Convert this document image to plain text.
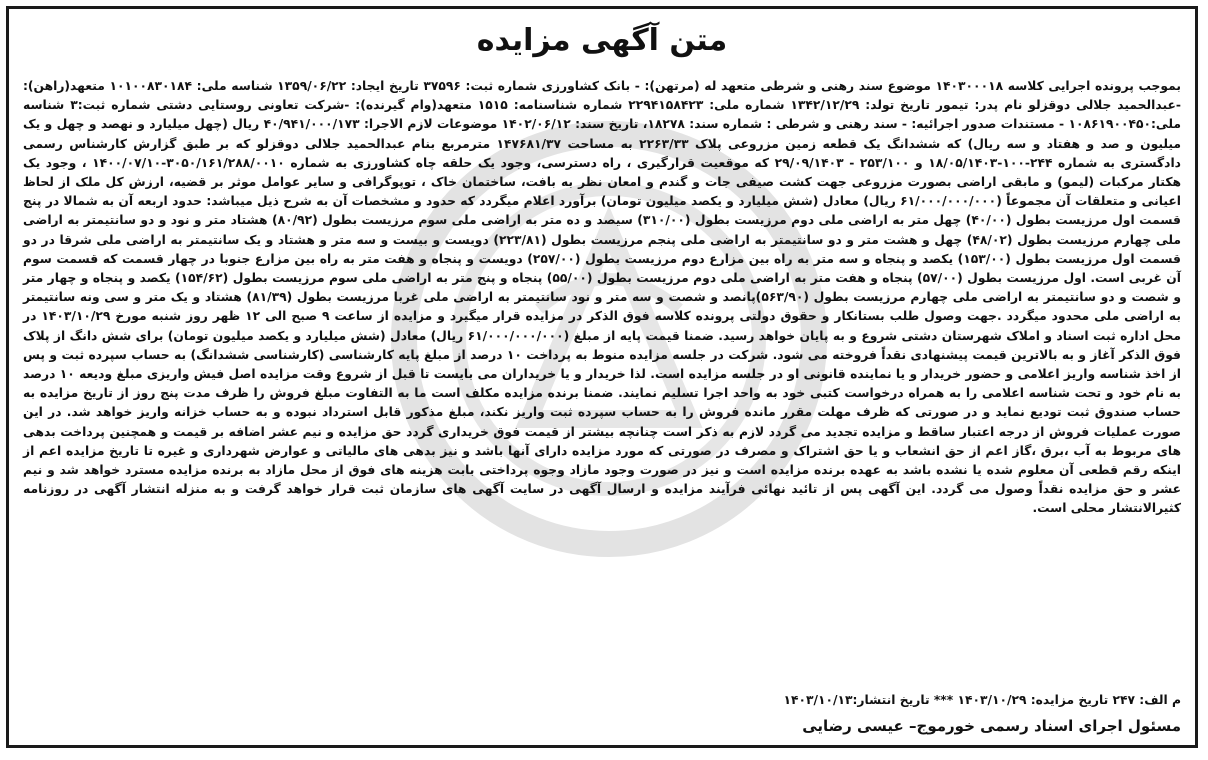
متن آگهی مزایده

بموجب پرونده اجرایی کلاسه ۱۴۰۳۰۰۰۱۸ موضوع سند رهنی و شرطی متعهد له (مرتهن): - بانک کشاورزی شماره ثبت: ۳۷۵۹۶ تاریخ ایجاد: ۱۳۵۹/۰۶/۲۲ شناسه ملی: ۱۰۱۰۰۸۳۰۱۸۴ متعهد(راهن): -عبدالحمید جلالی دوقزلو نام پدر: تیمور تاریخ تولد: ۱۳۴۲/۱۲/۲۹ شماره ملی: ۲۲۹۴۱۵۸۴۲۳ شماره شناسنامه: ۱۵۱۵ متعهد(وام گیرنده): -شرکت تعاونی روستایی دشتی شماره ثبت:۳ شناسه ملی:۱۰۸۶۱۹۰۰۴۵۰ - مستندات صدور اجرائیه: - سند رهنی و شرطی : شماره سند: ۱۸۲۷۸، تاریخ سند: ۱۴۰۲/۰۶/۱۲ موضوعات لازم الاجرا: ۴۰/۹۴۱/۰۰۰/۱۷۳ ریال (چهل میلیارد و نهصد و چهل و یک میلیون و صد و هفتاد و سه ریال) که ششدانگ یک قطعه زمین مزروعی پلاک ۲۲۶۳/۳۳ به مساحت ۱۴۷۶۸۱/۳۷ مترمربع بنام عبدالحمید جلالی دوقزلو که بر طبق گزارش کارشناس رسمی دادگستری به شماره ۲۴۴-۱۰۰-۱۸/۰۵/۱۴۰۳ و ۲۵۳/۱۰۰ - ۲۹/۰۹/۱۴۰۳ که موقعیت قرارگیری ، راه دسترسی، وجود یک حلقه چاه کشاورزی به شماره ۳۰۵۰/۱۶۱/۲۸۸/۰۰۱۰-۱۴۰۰/۰۷/۱۰ ، وجود یک هکتار مرکبات (لیمو) و مابقی اراضی بصورت مزروعی جهت کشت صیفی جات و گندم و امعان نظر به بافت، ساختمان خاک ، توپوگرافی و سایر عوامل موثر بر قضیه، ارزش کل ملک از لحاظ اعیانی و متعلقات آن مجموعاً (۶۱/۰۰۰/۰۰۰/۰۰۰ ریال) معادل (شش میلیارد و یکصد میلیون تومان) برآورد اعلام میگردد که حدود و مشخصات آن به شرح ذیل میباشد: حدود اربعه آن به شمالا در پنج قسمت اول مرزیست بطول (۴۰/۰۰) چهل متر به اراضی ملی دوم مرزیست بطول (۳۱۰/۰۰) سیصد و ده متر به اراضی ملی سوم مرزیست بطول (۸۰/۹۲) هشتاد متر و نود و دو سانتیمتر به اراضی ملی چهارم مرزیست بطول (۴۸/۰۲) چهل و هشت متر و دو سانتیمتر به اراضی ملی پنجم مرزیست بطول (۲۲۳/۸۱) دویست و بیست و سه متر و هشتاد و یک سانتیمتر به اراضی ملی شرقا در دو قسمت اول مرزیست بطول (۱۵۳/۰۰) یکصد و پنجاه و سه متر به راه بین مزارع دوم مرزیست بطول (۲۵۷/۰۰) دویست و پنجاه و هفت متر به راه بین مزارع جنوبا در چهار قسمت که قسمت سوم آن غربی است. اول مرزیست بطول (۵۷/۰۰) پنجاه و هفت متر به اراضی ملی دوم مرزیست بطول (۵۵/۰۰) پنجاه و پنج متر به اراضی ملی سوم مرزیست بطول (۱۵۴/۶۲) یکصد و پنجاه و چهار متر و شصت و دو سانتیمتر به اراضی ملی چهارم مرزیست بطول (۵۶۳/۹۰)پانصد و شصت و سه متر و نود سانتیمتر به اراضی ملی غربا مرزیست بطول (۸۱/۳۹) هشتاد و یک متر و سی ونه سانتیمتر به اراضی ملی محدود میگردد .جهت وصول طلب بستانکار و حقوق دولتی پرونده کلاسه فوق الذکر در مزایده قرار میگیرد و مزایده از ساعت ۹ صبح الی ۱۲ ظهر روز شنبه مورخ ۱۴۰۳/۱۰/۲۹ در محل اداره ثبت اسناد و املاک شهرستان دشتی شروع و به پایان خواهد رسید. ضمنا قیمت پایه از مبلغ (۶۱/۰۰۰/۰۰۰/۰۰۰ ریال) معادل (شش میلیارد و یکصد میلیون تومان) برای شش دانگ از پلاک فوق الذکر آغاز و به بالاترین قیمت پیشنهادی نقداً فروخته می شود. شرکت در جلسه مزایده منوط به پرداخت ۱۰ درصد از مبلغ پایه کارشناسی (کارشناسی ششدانگ) به حساب سپرده ثبت و پس از اخذ شناسه واریز اعلامی و حضور خریدار و یا نماینده قانونی او در جلسه مزایده است. لذا خریدار و یا خریداران می بایست تا قبل از شروع وقت مزایده اصل فیش واریزی مبلغ ودیعه ۱۰ درصد به نام خود و تحت شناسه اعلامی را به همراه درخواست کتبی خود به واحد اجرا تسلیم نمایند. ضمنا برنده مزایده مکلف است ما به التفاوت مبلغ فروش را ظرف مدت پنج روز از تاریخ مزایده به حساب صندوق ثبت تودیع نماید و در صورتی که ظرف مهلت مقرر مانده فروش را به حساب سپرده ثبت واریز نکند، مبلغ مذکور قابل استرداد نبوده و به حساب خزانه واریز خواهد شد. در این صورت عملیات فروش از درجه اعتبار ساقط و مزایده تجدید می گردد لازم به ذکر است چنانچه بیشتر از قیمت فوق خریداری گردد حق مزایده و نیم عشر اضافه بر قیمت و همچنین پرداخت بدهی های مربوط به آب ،برق ،گاز اعم از حق انشعاب و یا حق اشتراک و مصرف در صورتی که مورد مزایده دارای آنها باشد و نیز بدهی های مالیاتی و عوارض شهرداری و غیره تا تاریخ مزایده اعم از اینکه رقم قطعی آن معلوم شده یا نشده باشد به عهده برنده مزایده است و نیز در صورت وجود مازاد وجوه پرداختی بابت هزینه های فوق از محل مازاد به برنده مزایده مسترد خواهد شد و نیم عشر و حق مزایده نقداً وصول می گردد. این آگهی پس از تائید نهائی فرآیند مزایده و ارسال آگهی در سایت آگهی های سازمان ثبت قرار خواهد گرفت و به منزله انتشار آگهی در روزنامه کثیرالانتشار محلی است.

م الف: ۲۴۷ تاریخ مزایده: ۱۴۰۳/۱۰/۲۹ *** تاریخ انتشار:۱۴۰۳/۱۰/۱۳
مسئول اجرای اسناد رسمی خورموج– عیسی رضایی
